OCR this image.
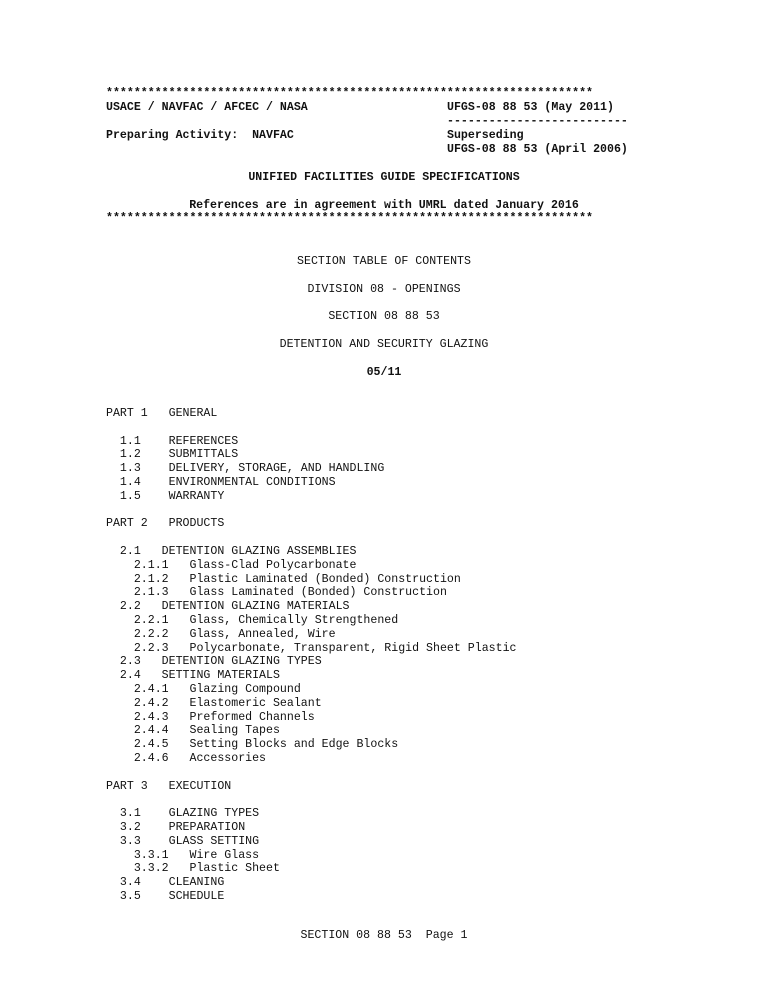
**********************************************************************
USACE / NAVFAC / AFCEC / NASA	UFGS-08 88 53 (May 2011)
--------------------------
Preparing Activity:  NAVFAC	Superseding
UFGS-08 88 53 (April 2006)
UNIFIED FACILITIES GUIDE SPECIFICATIONS
References are in agreement with UMRL dated January 2016
**********************************************************************
SECTION TABLE OF CONTENTS
DIVISION 08 - OPENINGS
SECTION 08 88 53
DETENTION AND SECURITY GLAZING
05/11
PART 1   GENERAL
1.1    REFERENCES
1.2    SUBMITTALS
1.3    DELIVERY, STORAGE, AND HANDLING
1.4    ENVIRONMENTAL CONDITIONS
1.5    WARRANTY
PART 2   PRODUCTS
2.1   DETENTION GLAZING ASSEMBLIES
2.1.1   Glass-Clad Polycarbonate
2.1.2   Plastic Laminated (Bonded) Construction
2.1.3   Glass Laminated (Bonded) Construction
2.2   DETENTION GLAZING MATERIALS
2.2.1   Glass, Chemically Strengthened
2.2.2   Glass, Annealed, Wire
2.2.3   Polycarbonate, Transparent, Rigid Sheet Plastic
2.3   DETENTION GLAZING TYPES
2.4   SETTING MATERIALS
2.4.1   Glazing Compound
2.4.2   Elastomeric Sealant
2.4.3   Preformed Channels
2.4.4   Sealing Tapes
2.4.5   Setting Blocks and Edge Blocks
2.4.6   Accessories
PART 3   EXECUTION
3.1    GLAZING TYPES
3.2    PREPARATION
3.3    GLASS SETTING
3.3.1   Wire Glass
3.3.2   Plastic Sheet
3.4    CLEANING
3.5    SCHEDULE
SECTION 08 88 53  Page 1
